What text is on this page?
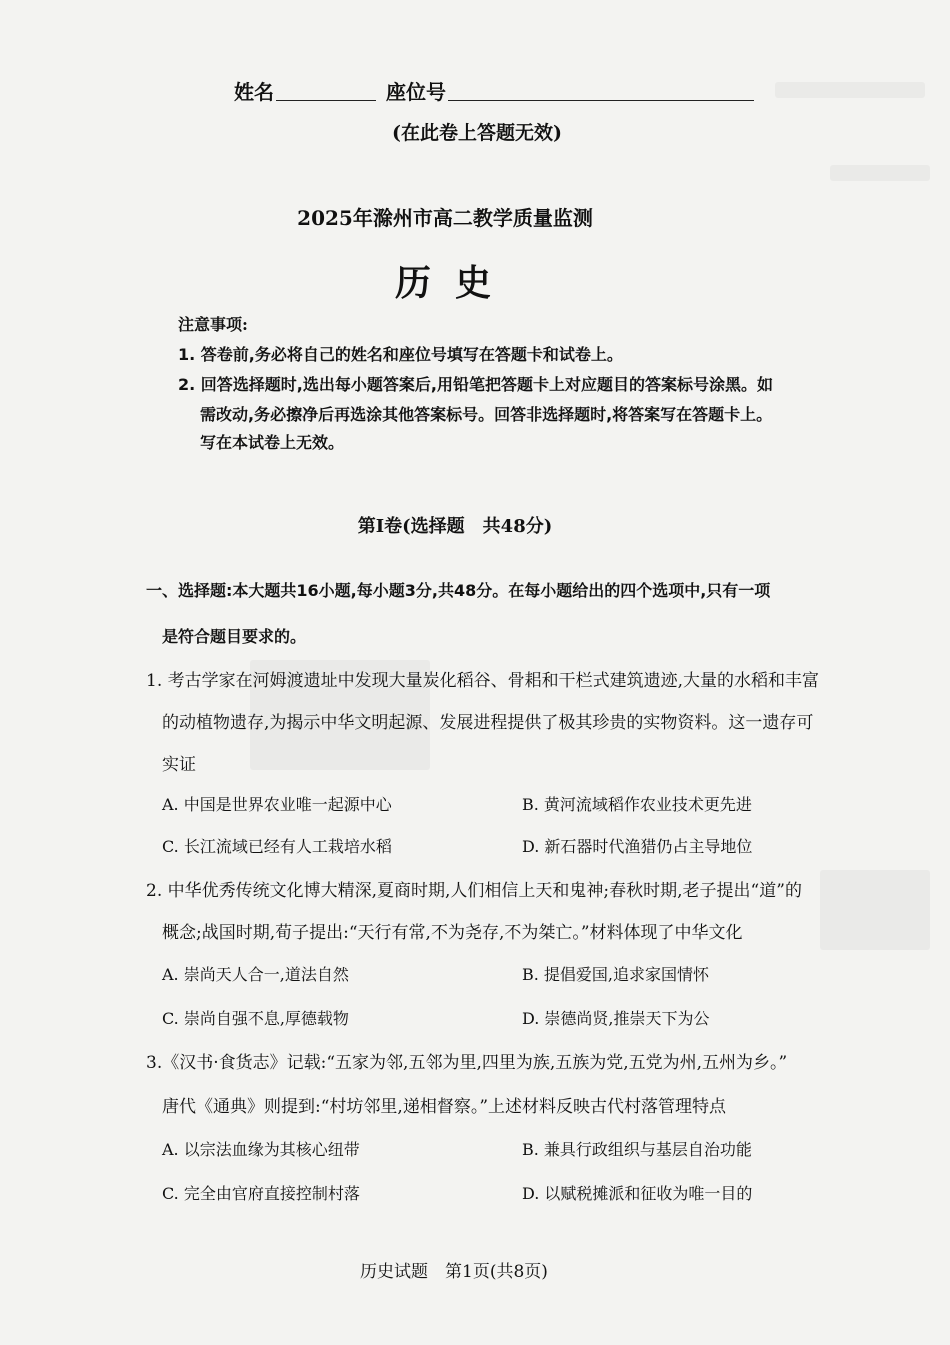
姓名	座位号
(在此卷上答题无效)
2025年滁州市高二教学质量监测
历史
注意事项:
1. 答卷前,务必将自己的姓名和座位号填写在答题卡和试卷上。
2. 回答选择题时,选出每小题答案后,用铅笔把答题卡上对应题目的答案标号涂黑。如
需改动,务必擦净后再选涂其他答案标号。回答非选择题时,将答案写在答题卡上。
写在本试卷上无效。
第Ⅰ卷(选择题　共48分)
一、选择题:本大题共16小题,每小题3分,共48分。在每小题给出的四个选项中,只有一项
是符合题目要求的。
1. 考古学家在河姆渡遗址中发现大量炭化稻谷、骨耜和干栏式建筑遗迹,大量的水稻和丰富
的动植物遗存,为揭示中华文明起源、发展进程提供了极其珍贵的实物资料。这一遗存可
实证
A. 中国是世界农业唯一起源中心	B. 黄河流域稻作农业技术更先进
C. 长江流域已经有人工栽培水稻	D. 新石器时代渔猎仍占主导地位
2. 中华优秀传统文化博大精深,夏商时期,人们相信上天和鬼神;春秋时期,老子提出“道”的
概念;战国时期,荀子提出:“天行有常,不为尧存,不为桀亡。”材料体现了中华文化
A. 崇尚天人合一,道法自然	B. 提倡爱国,追求家国情怀
C. 崇尚自强不息,厚德载物	D. 崇德尚贤,推崇天下为公
3.《汉书·食货志》记载:“五家为邻,五邻为里,四里为族,五族为党,五党为州,五州为乡。”
唐代《通典》则提到:“村坊邻里,递相督察。”上述材料反映古代村落管理特点
A. 以宗法血缘为其核心纽带	B. 兼具行政组织与基层自治功能
C. 完全由官府直接控制村落	D. 以赋税摊派和征收为唯一目的
历史试题　第1页(共8页)
